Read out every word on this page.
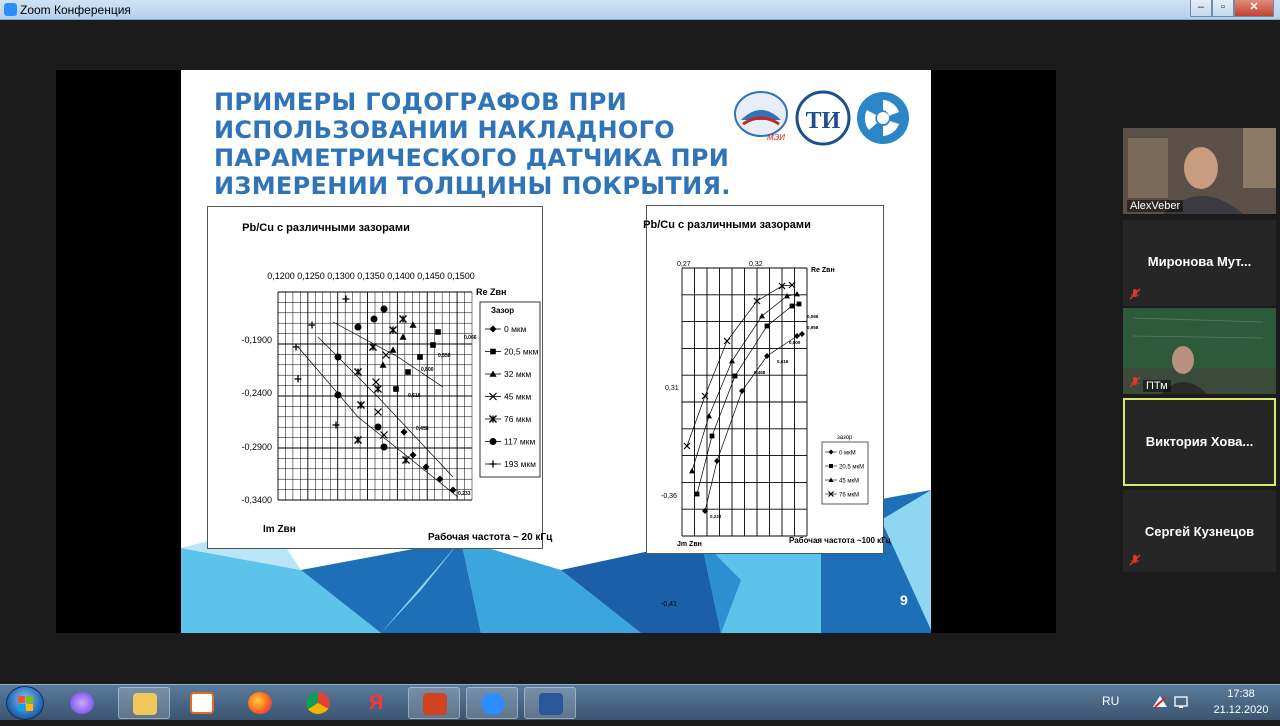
Zoom Конференция	–	▫	✕
ПРИМЕРЫ ГОДОГРАФОВ ПРИ
ИСПОЛЬЗОВАНИИ НАКЛАДНОГО
ПАРАМЕТРИЧЕСКОГО ДАТЧИКА ПРИ
ИЗМЕРЕНИИ ТОЛЩИНЫ ПОКРЫТИЯ.
МЭИ
ТИ
Pb/Cu с различными зазорами
0,1200 0,1250 0,1300 0,1350 0,1400 0,1450 0,1500
-0,1900
-0,2400
-0,2900
-0,3400
Re Zвн
Im Zвн
0,066
0,558
0,800
0,616
0,458
0,233
Зазор
0 мкм
20,5 мкм
32 мкм
45 мкм
76 мкм
117 мкм
193 мкм
Рабочая частота ~ 20 кГц
Pb/Cu с различными зазорами
0,27	0,32
Re Zвн
0,31
-0,36
-0,41
0,066
0,958
0,800
0,616
0,458
0,233
зазор
0 мкМ
20,5 мкМ
45 мкМ
76 мкМ
Jm Zвн	Рабочая частота ~100 кГц
9
AlexVeber
Миронова Мут...
ПТм
Виктория Хова...
Сергей Кузнецов
Я	RU	17:38
21.12.2020
